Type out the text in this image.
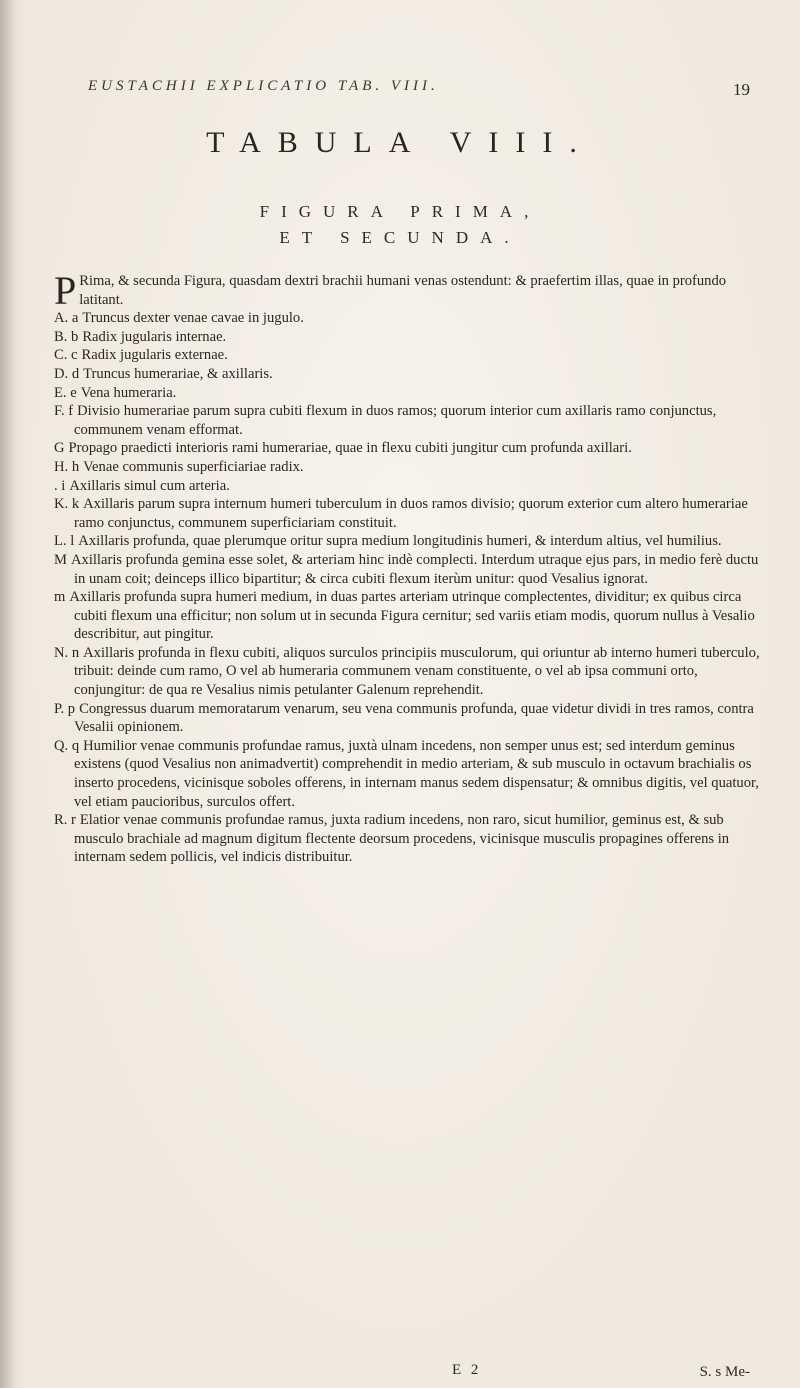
EUSTACHII EXPLICATIO TAB. VIII.	19
TABULA VIII.
FIGURA PRIMA,
ET SECUNDA.

P Rima, & secunda Figura, quasdam dextri brachii humani venas ostendunt: & praefertim illas, quae in profundo latitant.

A. a Truncus dexter venae cavae in jugulo.

B. b Radix jugularis internae.

C. c Radix jugularis externae.

D. d Truncus humerariae, & axillaris.

E. e Vena humeraria.

F. f Divisio humerariae parum supra cubiti flexum in duos ramos; quorum interior cum axillaris ramo conjunctus, communem venam efformat.

G Propago praedicti interioris rami humerariae, quae in flexu cubiti jungitur cum profunda axillari.

H. h Venae communis superficiariae radix.

. i Axillaris simul cum arteria.

K. k Axillaris parum supra internum humeri tuberculum in duos ramos divisio; quorum exterior cum altero humerariae ramo conjunctus, communem superficiariam constituit.

L. l Axillaris profunda, quae plerumque oritur supra medium longitudinis humeri, & interdum altius, vel humilius.

M Axillaris profunda gemina esse solet, & arteriam hinc indè complecti. Interdum utraque ejus pars, in medio ferè ductu in unam coit; deinceps illico bipartitur; & circa cubiti flexum iterùm unitur: quod Vesalius ignorat.

m Axillaris profunda supra humeri medium, in duas partes arteriam utrinque complectentes, dividitur; ex quibus circa cubiti flexum una efficitur; non solum ut in secunda Figura cernitur; sed variis etiam modis, quorum nullus à Vesalio describitur, aut pingitur.

N. n Axillaris profunda in flexu cubiti, aliquos surculos principiis musculorum, qui oriuntur ab interno humeri tuberculo, tribuit: deinde cum ramo, O vel ab humeraria communem venam constituente, o vel ab ipsa communi orto, conjungitur: de qua re Vesalius nimis petulanter Galenum reprehendit.

P. p Congressus duarum memoratarum venarum, seu vena communis profunda, quae videtur dividi in tres ramos, contra Vesalii opinionem.

Q. q Humilior venae communis profundae ramus, juxtà ulnam incedens, non semper unus est; sed interdum geminus existens (quod Vesalius non animadvertit) comprehendit in medio arteriam, & sub musculo in octavum brachialis os inserto procedens, vicinisque soboles offerens, in internam manus sedem dispensatur; & omnibus digitis, vel quatuor, vel etiam paucioribus, surculos offert.

R. r Elatior venae communis profundae ramus, juxta radium incedens, non raro, sicut humilior, geminus est, & sub musculo brachiale ad magnum digitum flectente deorsum procedens, vicinisque musculis propagines offerens in internam sedem pollicis, vel indicis distribuitur.

E 2	S. s Me-
